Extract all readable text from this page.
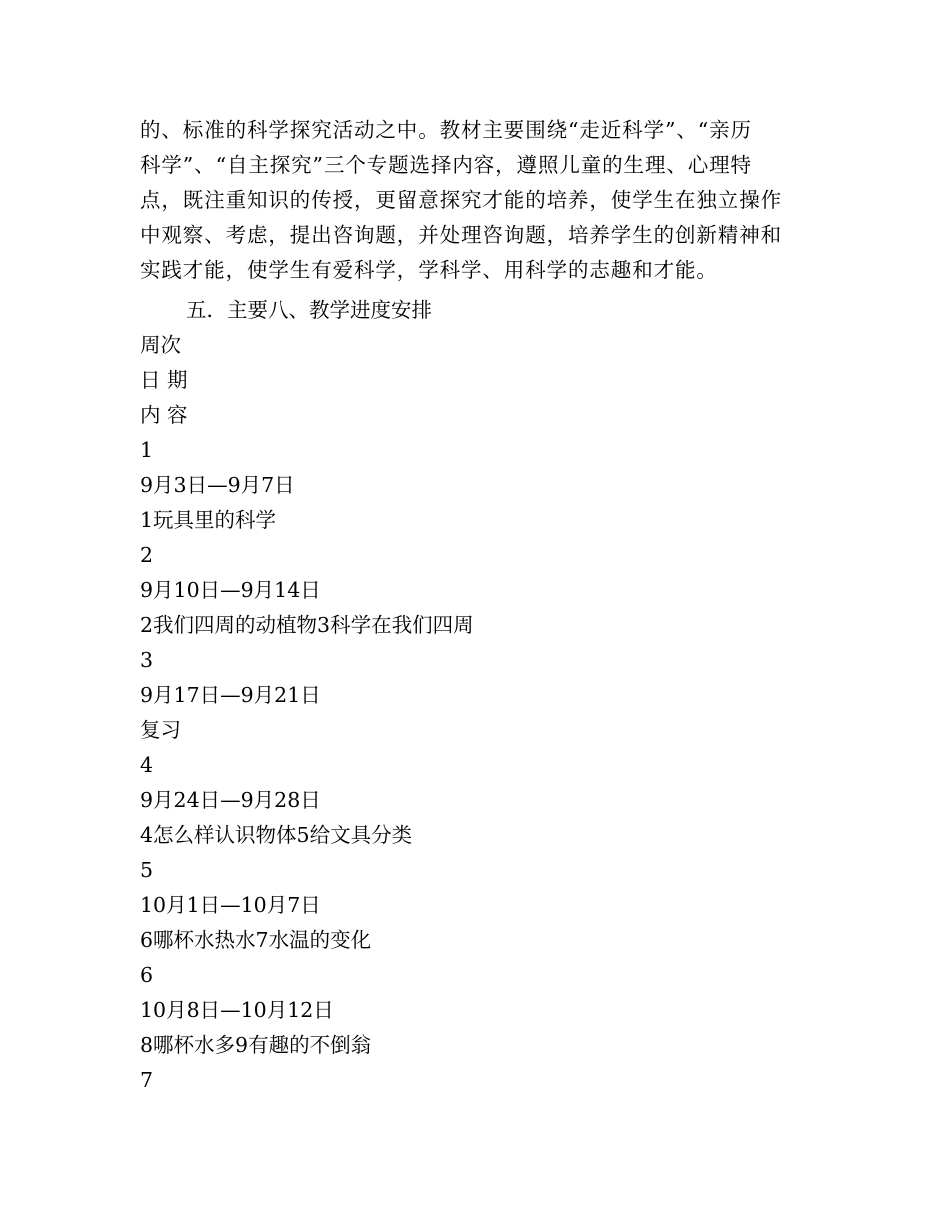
的、标准的科学探究活动之中。教材主要围绕“走近科学”、“亲历
科学”、“自主探究”三个专题选择内容，遵照儿童的生理、心理特
点，既注重知识的传授，更留意探究才能的培养，使学生在独立操作
中观察、考虑，提出咨询题，并处理咨询题，培养学生的创新精神和
实践才能，使学生有爱科学，学科学、用科学的志趣和才能。

五．主要八、教学进度安排
周次
日 期
内 容
1
9月3日—9月7日
1玩具里的科学
2
9月10日—9月14日
2我们四周的动植物3科学在我们四周
3
9月17日—9月21日
复习
4
9月24日—9月28日
4怎么样认识物体5给文具分类
5
10月1日—10月7日
6哪杯水热水7水温的变化
6
10月8日—10月12日
8哪杯水多9有趣的不倒翁
7
